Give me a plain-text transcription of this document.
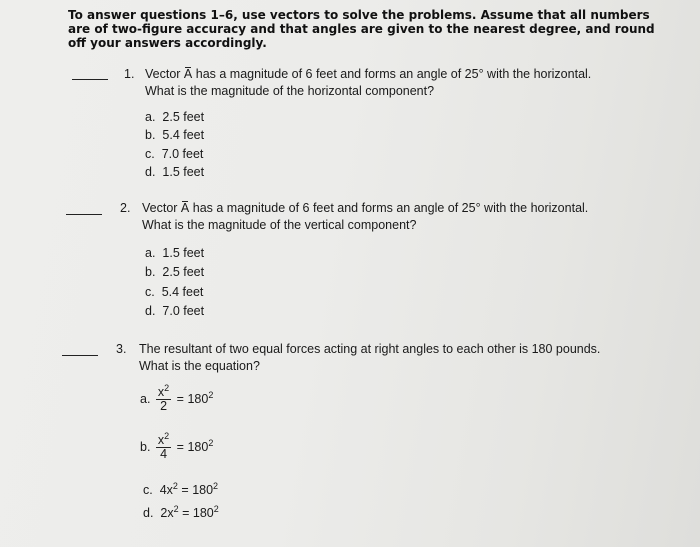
To answer questions 1–6, use vectors to solve the problems. Assume that all numbers are of two-figure accuracy and that angles are given to the nearest degree, and round off your answers accordingly.
1. Vector A has a magnitude of 6 feet and forms an angle of 25° with the horizontal.
What is the magnitude of the horizontal component?
a. 2.5 feet
b. 5.4 feet
c. 7.0 feet
d. 1.5 feet
2. Vector A has a magnitude of 6 feet and forms an angle of 25° with the horizontal.
What is the magnitude of the vertical component?
a. 1.5 feet
b. 2.5 feet
c. 5.4 feet
d. 7.0 feet
3. The resultant of two equal forces acting at right angles to each other is 180 pounds.
What is the equation?
a. $\frac{x^2}{2} = 180^2$
b. $\frac{x^2}{4} = 180^2$
c. $4x^2 = 180^2$
d. $2x^2 = 180^2$
